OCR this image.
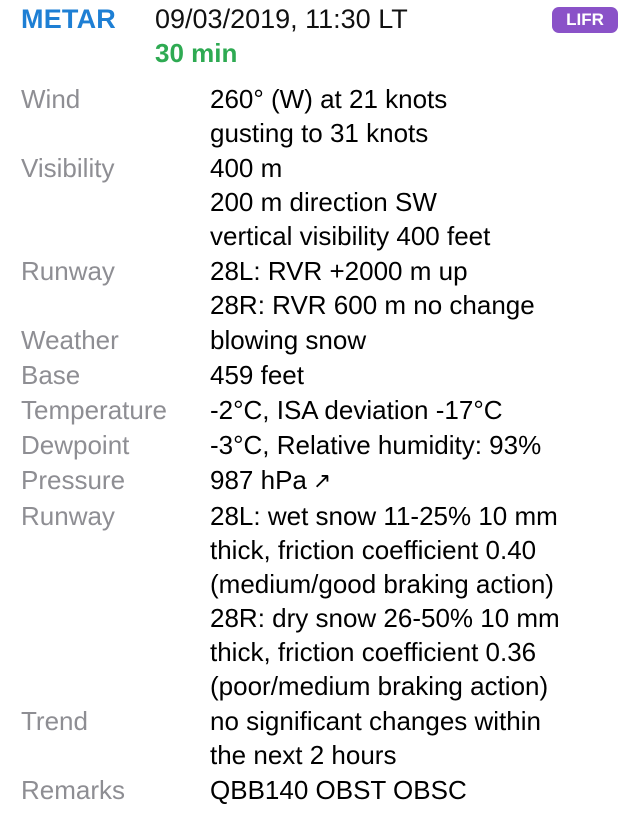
METAR 09/03/2019, 11:30 LT
30 min
LIFR
Wind	260° (W) at 21 knots
gusting to 31 knots
Visibility	400 m
200 m direction SW
vertical visibility 400 feet
Runway	28L: RVR +2000 m up
28R: RVR 600 m no change
Weather	blowing snow
Base	459 feet
Temperature	-2°C, ISA deviation -17°C
Dewpoint	-3°C, Relative humidity: 93%
Pressure	987 hPa ↗
Runway	28L: wet snow 11-25% 10 mm
thick, friction coefficient 0.40
(medium/good braking action)
28R: dry snow 26-50% 10 mm
thick, friction coefficient 0.36
(poor/medium braking action)
Trend	no significant changes within
the next 2 hours
Remarks	QBB140 OBST OBSC
